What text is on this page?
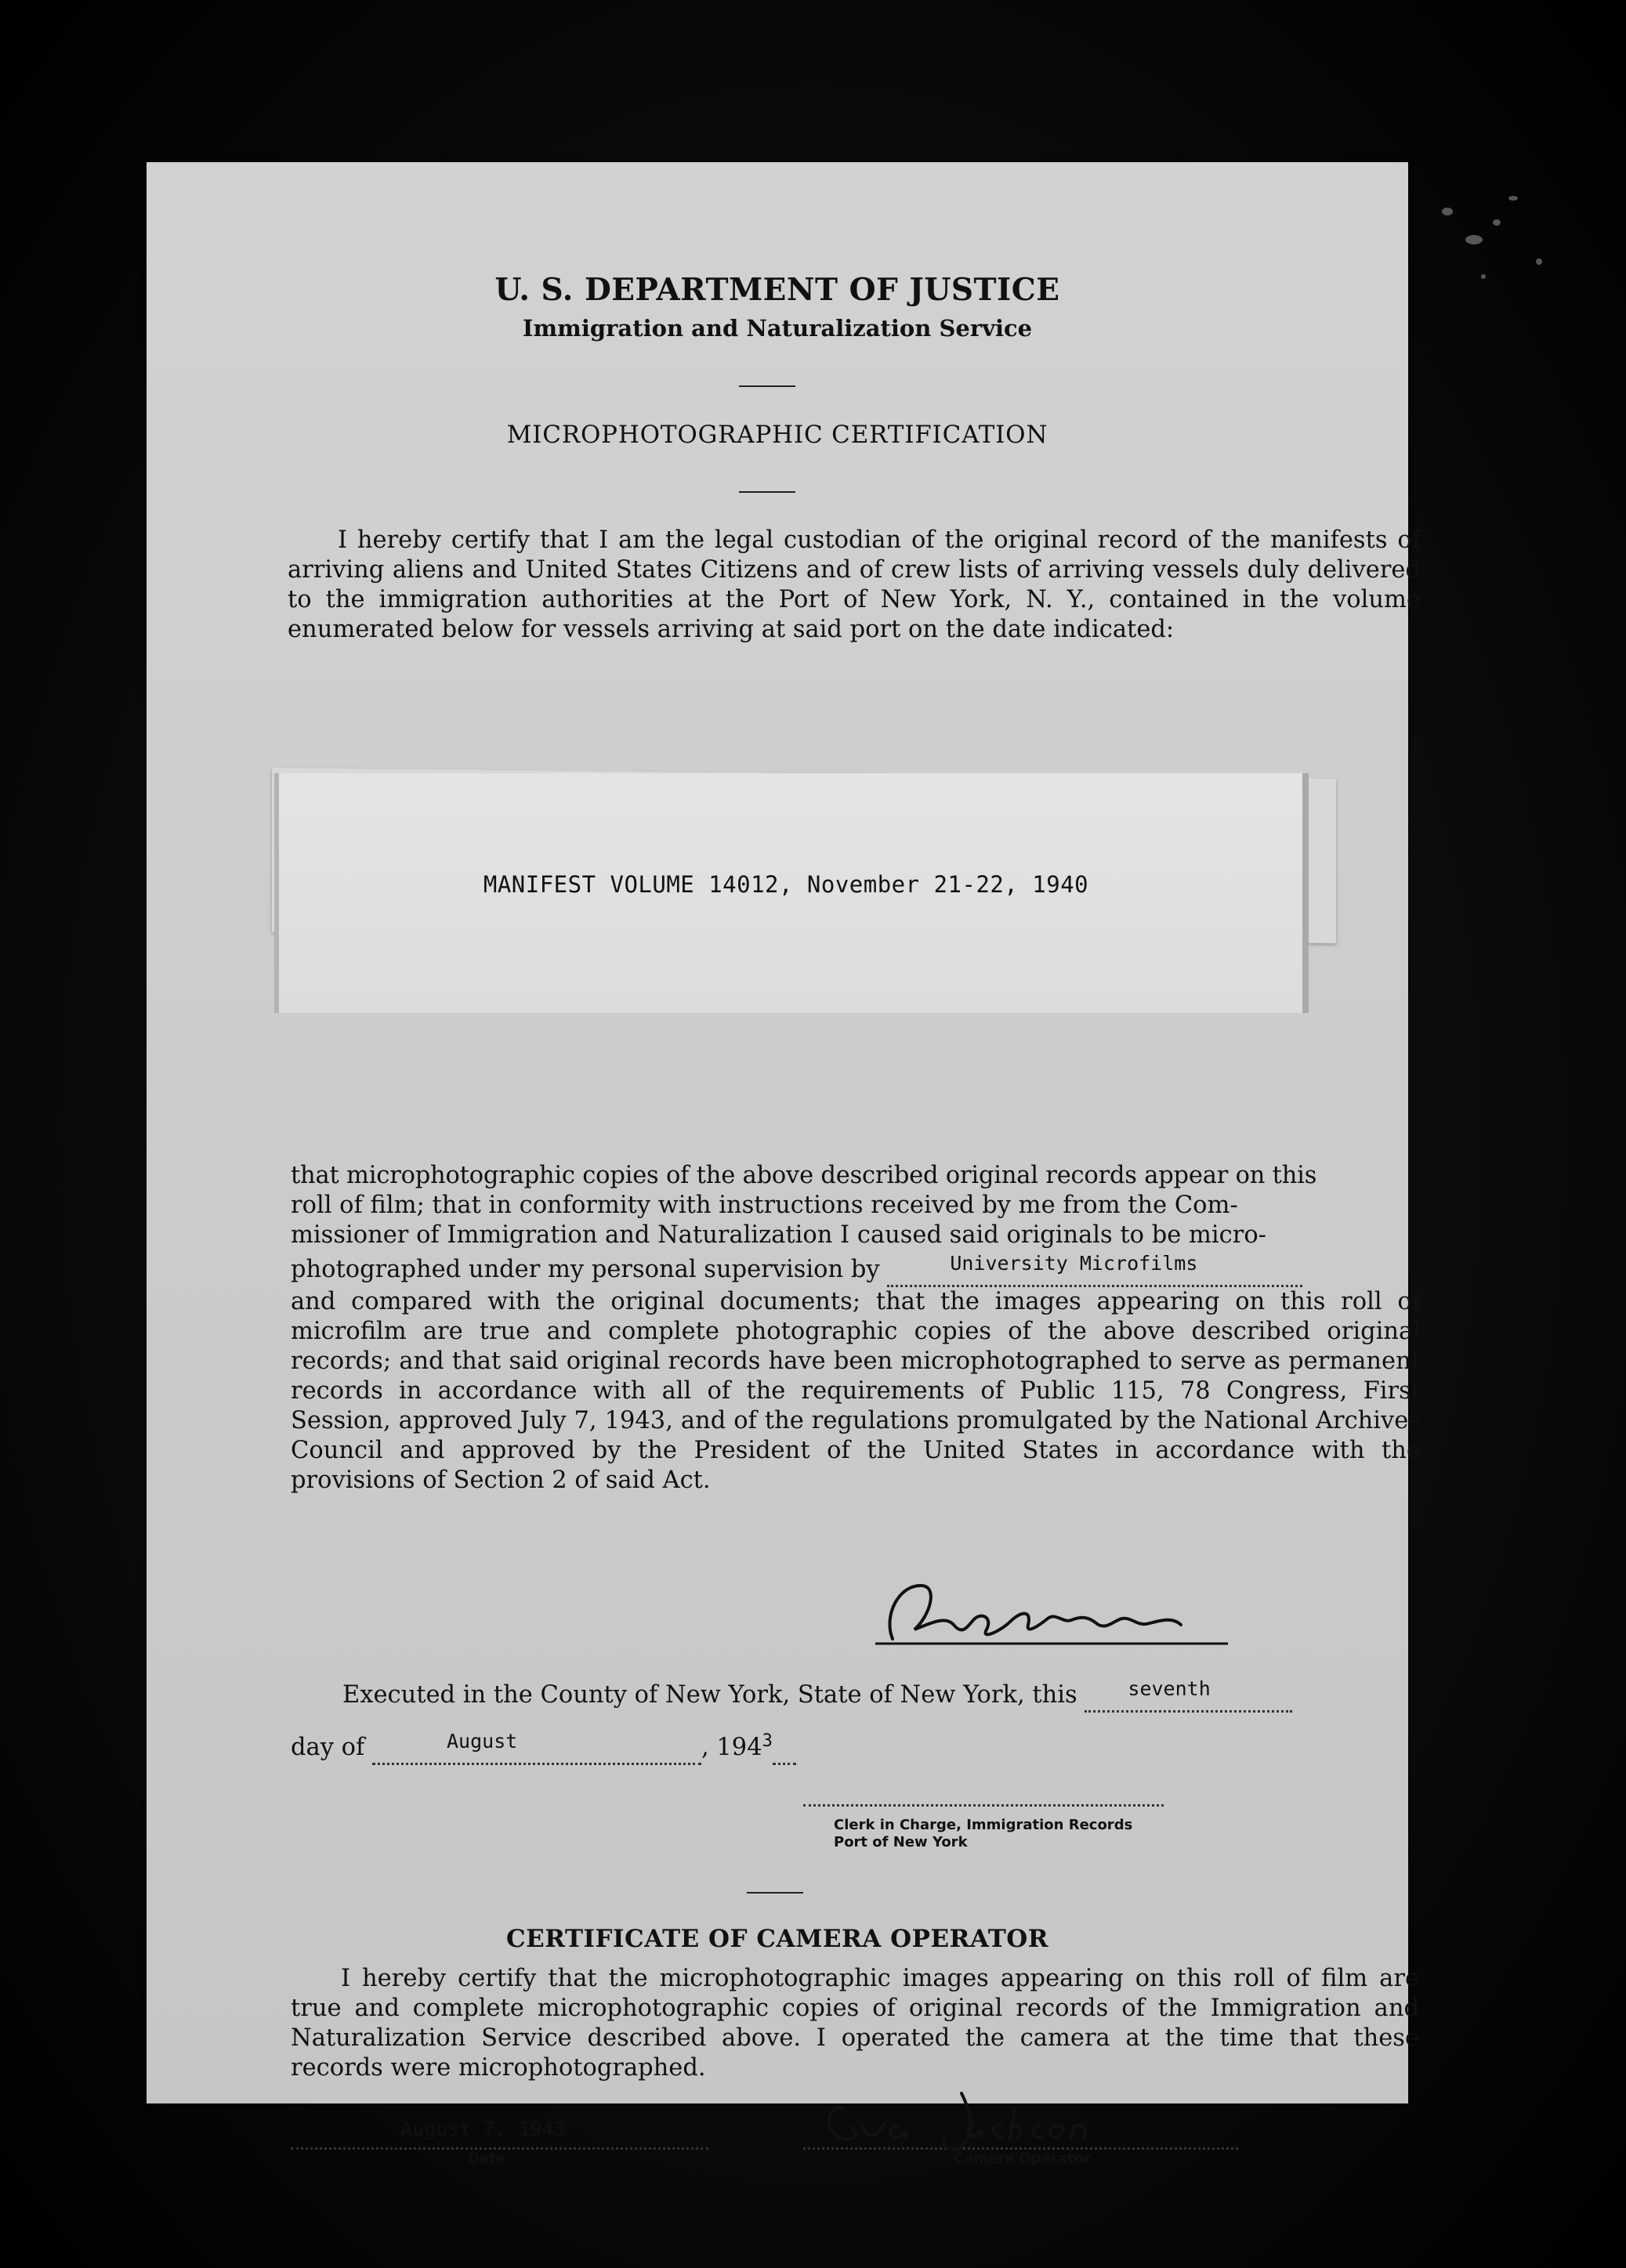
U. S. DEPARTMENT OF JUSTICE
Immigration and Naturalization Service
MICROPHOTOGRAPHIC CERTIFICATION
I hereby certify that I am the legal custodian of the original record of the manifests of arriving aliens and United States Citizens and of crew lists of arriving vessels duly delivered to the immigration authorities at the Port of New York, N. Y., contained in the volume enumerated below for vessels arriving at said port on the date indicated:
MANIFEST VOLUME 14012, November 21-22, 1940
that microphotographic copies of the above described original records appear on this
roll of film; that in conformity with instructions received by me from the Com-
missioner of Immigration and Naturalization I caused said originals to be micro-
photographed under my personal supervision by	University Microfilms

and compared with the original documents; that the images appearing on this roll of microfilm are true and complete photographic copies of the above described original records; and that said original records have been microphotographed to serve as permanent records in accordance with all of the requirements of Public 115, 78 Congress, First Session, approved July 7, 1943, and of the regulations promulgated by the National Archives Council and approved by the President of the United States in accordance with the provisions of Section 2 of said Act.
Executed in the County of New York, State of New York, this	seventh

day of	August	, $194^3$
Clerk in Charge, Immigration Records
Port of New York
CERTIFICATE OF CAMERA OPERATOR
I hereby certify that the microphotographic images appearing on this roll of film are true and complete microphotographic copies of original records of the Immigration and Naturalization Service described above. I operated the camera at the time that these records were microphotographed.
August 7, 1943
Date	Camera Operator
